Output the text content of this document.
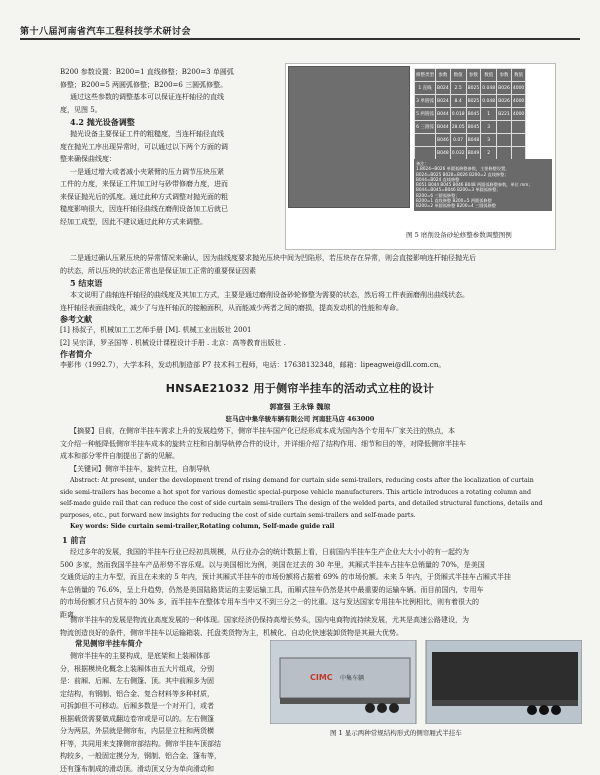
第十八届河南省汽车工程科技学术研讨会
B200 参数设置：B200=1 直线修整；B200=3 单圆弧
修整；B200=5 两圆弧修整；B200=6 三圆弧修整。
通过这些参数的调整基本可以保证连杆轴径的直线
度，见图 5。
4.2 抛光设备调整
抛光设备主要保证工件的粗糙度，当连杆轴径直线
度在抛光工序出现异常时，可以通过以下两个方面的调
整来确保曲线度：
一是通过增大或者减小夹紧臂的压力调节压块压紧
工件的力度，来保证工件加工时与砂带修磨力度，进而
来保证抛光后的弧度。通过此种方式调整对抛光面的粗
糙度影响很大，因连杆轴径曲线在磨削设备加工后就已
经加工成型，因此不建议通过此种方式来调整。
修整类型	参数	数值	参数	数值	参数	数值
1 直线	B024	2.5	B025	0.048	B026	4000
3 单圆弧	B024	8.4	B025	0.048	B026	4000
5 两圆弧	B044	0.018	B045	1	B221	4000
6 三圆弧	B044	28.05	B045	3		
	B046	0.07	B048	3		
	B048	0.032	B049	2		
备注：
1.B024~B026 单圆弧修整参数，主要修整设置，
B024=B025 B028=B026 B200=2 直线修整；
B044=B024 直线修整
B051 B044 B045 B046 B048 两圆弧修整参数，单位 mm；
B044=B045=B046 B200=3 单圆弧修整；
B200=6 三圆弧修整；
B200=1 直线修整 B200=5 两圆弧修整
B200=2 单圆弧修整 B200=4 三圆弧修整
图 5 磨削设备砂轮修整参数调整图例
二是通过确认压紧压块的异常情况来确认，因为曲线度要求抛光压块中间为凹陷形，若压块存在异常，则会直接影响连杆轴径抛光后
的状态，所以压块的状态正常也是保证加工正常的重要保证因素
5 结束语
本文说明了曲轴连杆轴径的曲线度及其加工方式，主要是通过磨削设备砂轮修整为需要的状态，然后将工件表面磨削出曲线状态。
连杆轴径表面曲线化，减少了与连杆轴瓦的接触面积，从而能减少两者之间的磨损，提高发动机的性能和寿命。
参考文献
[1] 杨叔子，机械加工工艺师手册 [M]. 机械工业出版社 2001
[2] 吴宗泽，罗圣国等 . 机械设计课程设计手册 . 北京：高等教育出版社 .
作者简介
李影伟（1992.7），大学本科，发动机制造部 P7 技术科工程师，电话：17638132348，邮箱：lipeagwei@dll.com.cn。
HNSAE21032 用于侧帘半挂车的活动式立柱的设计
郭富强 王永锋 魏琼
驻马店中集华骏车辆有限公司 河南驻马店 463000
【摘要】目前，在侧帘半挂车需求上升的发展趋势下，侧帘半挂车国产化已经形成本成为国内各个专用车厂家关注的热点，本
文介绍一种能降低侧帘半挂车成本的旋转立柱和自制导轨停合件的设计，并详细介绍了结构作用、细节和目的等，对降低侧帘半挂车
成本和部分零件自制提出了新的见解。
【关键词】侧帘半挂车，旋转立柱，自制导轨
Abstract: At present, under the development trend of rising demand for curtain side semi-trailers, reducing costs after the localization of curtain
side semi-trailers has become a hot spot for various domestic special-purpose vehicle manufacturers. This article introduces a rotating column and
self-made guide rail that can reduce the cost of side curtain semi-trailers The design of the welded parts, and detailed structural functions, details and
purposes, etc., put forward new insights for reducing the cost of side curtain semi-trailers and self-made parts.
Key words: Side curtain semi-trailer,Rotating column, Self-made guide rail
1 前言
经过多年的发展，我国的半挂车行业已经初具规模，从行业办会的统计数据上看，日前国内半挂车生产企业大大小小的有一起约为
500 多家，然而我国半挂车产品形势不容乐观。以与美国相比为例，美国在过去的 30 年里，其厢式半挂车占挂车总销量的 70%，是美国
交通货运的主力车型，而且在未来的 5 年内，预计其厢式半挂车的市场份额将占据着 69% 的市场份额。未来 5 年内，于货厢式半挂车占厢式半挂
车总销量的 76.6%，呈上升趋势，仍然是美国陆路货运的主要运输工具，而厢式挂车仍然是其中最重要的运输车辆。而目前国内，专用车
的市场份额才只占贸车的 30% 多，而半挂车在整体专用车当中又不到三分之一的比重。这与发达国家专用挂车比例相比，则有着很大的
距离。
侧帘半挂车的发展是物流业高度发展的一种体现。国家经济仍保持高增长势头，国内电商物流持续发展，尤其是高速公路建设，为
物流创造良好的条件，侧帘半挂车以运输箱装、托盘类货物为主，机械化、自动化快速装卸货物是其最大优势。
常见侧帘半挂车简介
侧帘半挂车的主要构成，是底架和上装厢体部
分，根据模块化概念上装厢体由五大片组成，分别
是：前厢、后厢、左右侧篷、顶。其中前厢多为固
定结构，有钢制、铝合金、复合材料等多种材质，
可拆卸但不可移动。后厢多数是一个对开门，或者
根据载货需要做成翻边卷帘或是可以的。左右侧篷
分为两层，外层就是侧帘布，内层是立柱和两货横
杆等，共同用来支撑侧帘部结构。侧帘半挂车顶部结
构较多，一般固定摸分为，钢制、铝合金、篷布等，
还有篷布制成的滑动顶。滑动顶又分为单向滑动和
CIMC 中集车辆
图 1 显示两种常规结构形式的侧帘厢式半挂车
